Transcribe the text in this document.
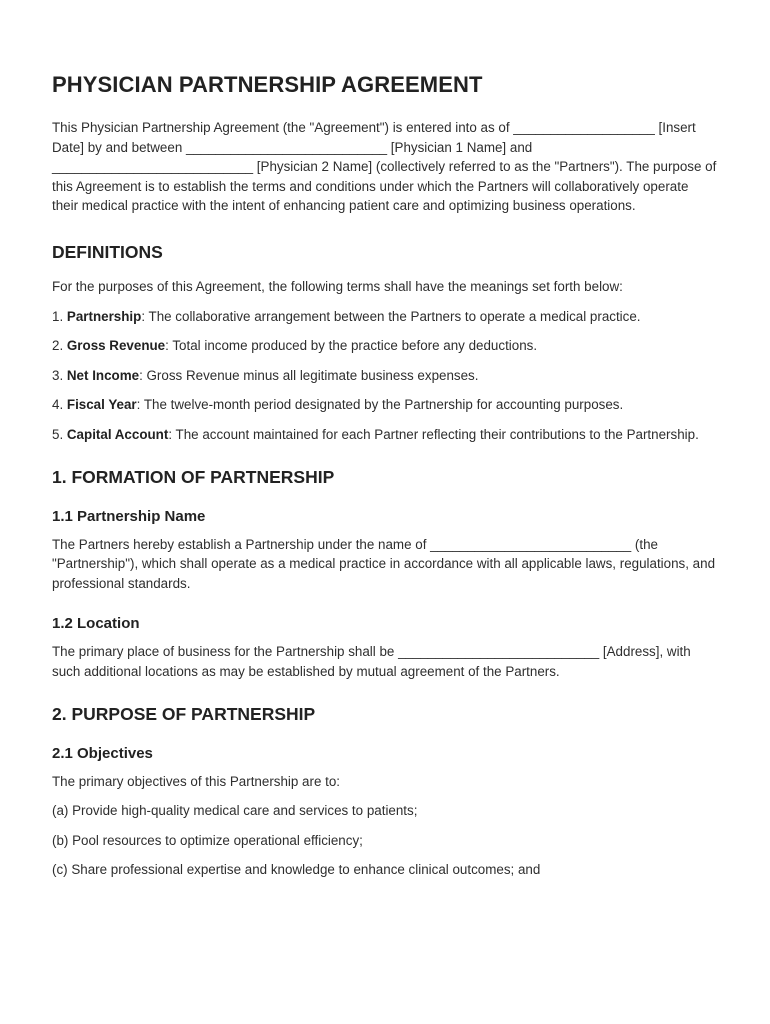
PHYSICIAN PARTNERSHIP AGREEMENT

This Physician Partnership Agreement (the "Agreement") is entered into as of ___________________ [Insert Date] by and between ___________________________ [Physician 1 Name] and ___________________________ [Physician 2 Name] (collectively referred to as the "Partners"). The purpose of this Agreement is to establish the terms and conditions under which the Partners will collaboratively operate their medical practice with the intent of enhancing patient care and optimizing business operations.

DEFINITIONS

For the purposes of this Agreement, the following terms shall have the meanings set forth below:

1. Partnership: The collaborative arrangement between the Partners to operate a medical practice.

2. Gross Revenue: Total income produced by the practice before any deductions.

3. Net Income: Gross Revenue minus all legitimate business expenses.

4. Fiscal Year: The twelve-month period designated by the Partnership for accounting purposes.

5. Capital Account: The account maintained for each Partner reflecting their contributions to the Partnership.

1. FORMATION OF PARTNERSHIP
1.1 Partnership Name

The Partners hereby establish a Partnership under the name of ___________________________ (the "Partnership"), which shall operate as a medical practice in accordance with all applicable laws, regulations, and professional standards.

1.2 Location

The primary place of business for the Partnership shall be ___________________________ [Address], with such additional locations as may be established by mutual agreement of the Partners.

2. PURPOSE OF PARTNERSHIP
2.1 Objectives

The primary objectives of this Partnership are to:

(a) Provide high-quality medical care and services to patients;

(b) Pool resources to optimize operational efficiency;

(c) Share professional expertise and knowledge to enhance clinical outcomes; and
